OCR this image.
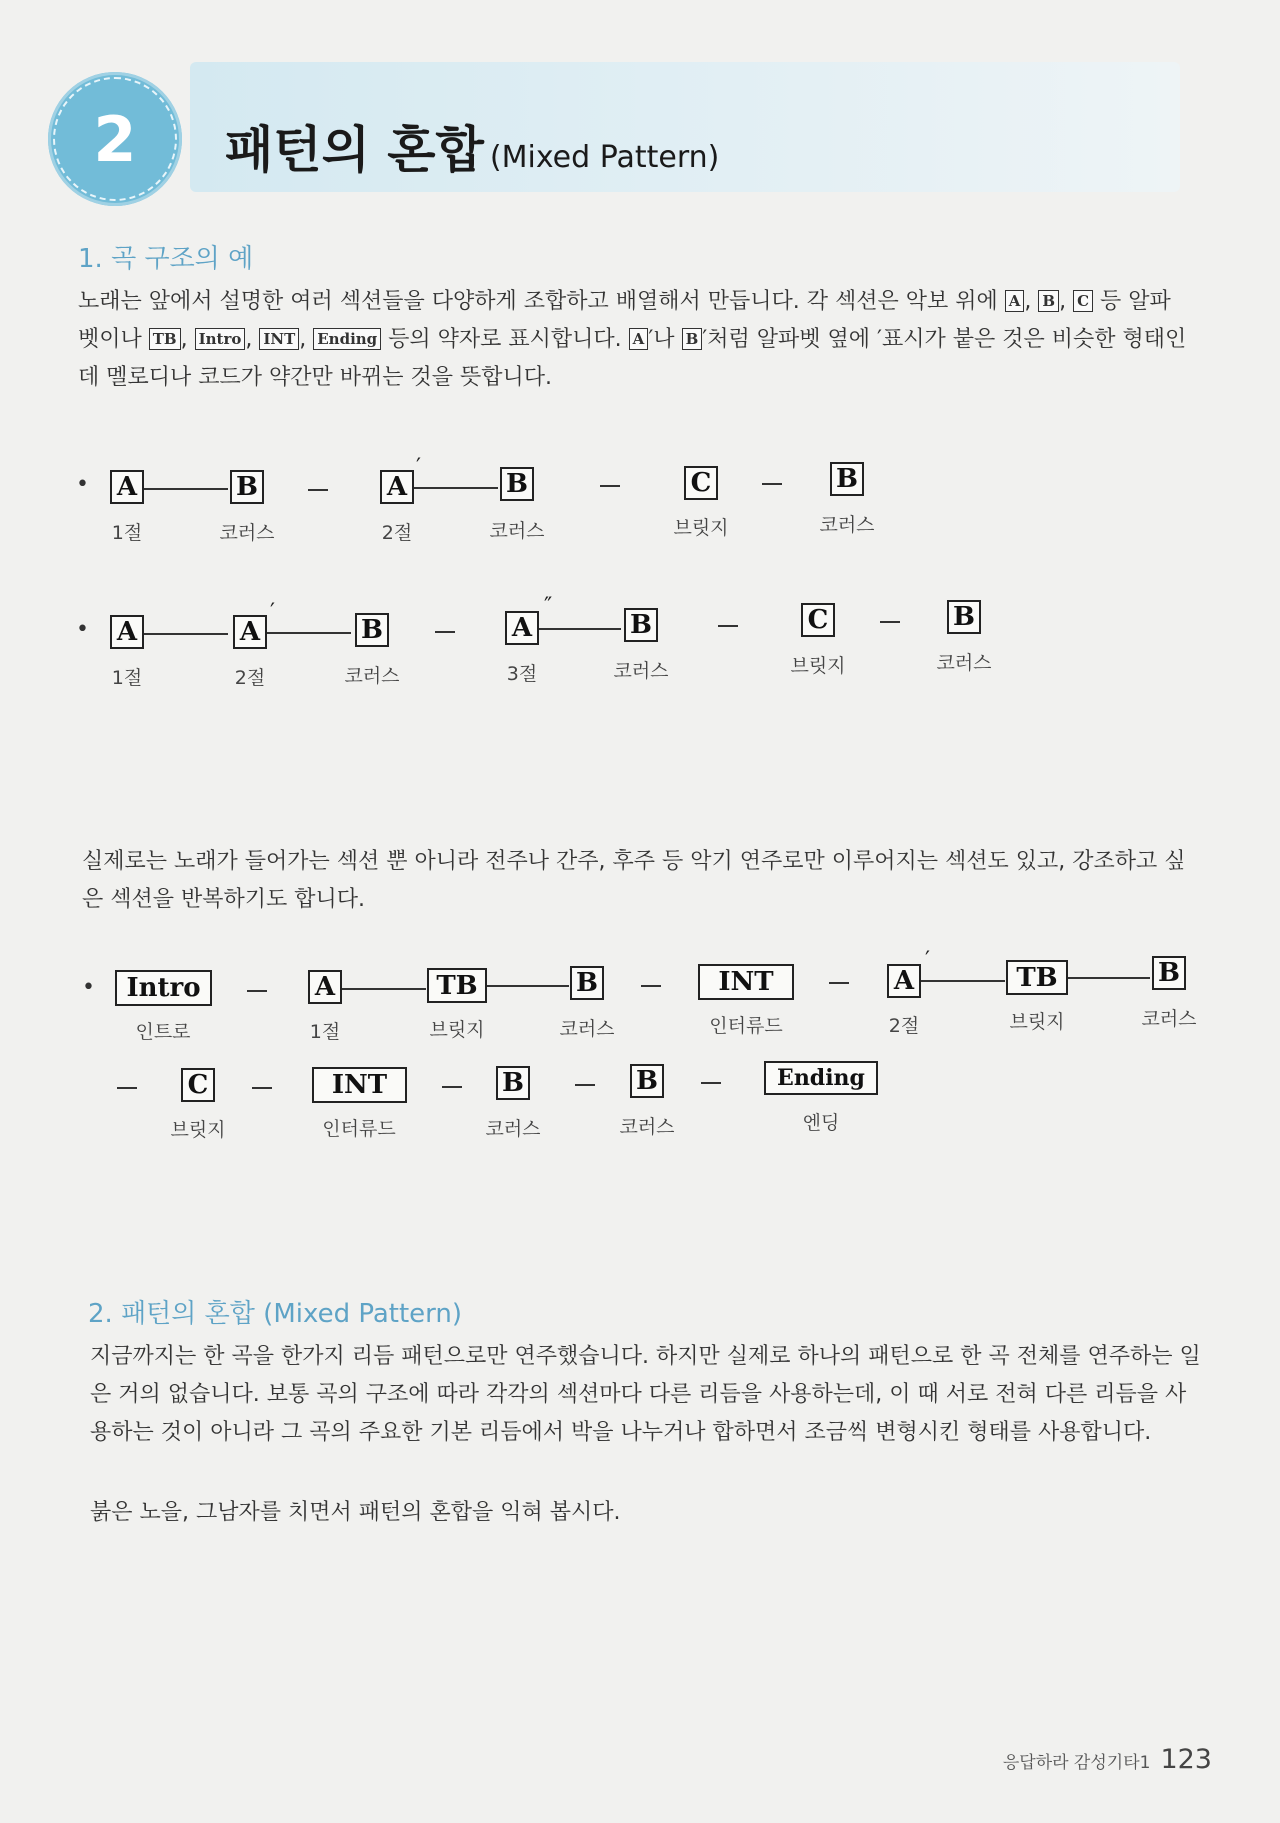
2	패턴의 혼합 (Mixed Pattern)
1. 곡 구조의 예

노래는 앞에서 설명한 여러 섹션들을 다양하게 조합하고 배열해서 만듭니다. 각 섹션은 악보 위에 A , B , C 등 알파벳이나 TB , Intro , INT , Ending 등의 약자로 표시합니다. A ′나 B ′처럼 알파벳 옆에 ′표시가 붙은 것은 비슷한 형태인데 멜로디나 코드가 약간만 바뀌는 것을 뜻합니다.

• A	B	A
′
B	C	B
1절	코러스	2절	코러스	브릿지	코러스
• A	A
′
B	A
″
B	C	B
1절	2절	코러스	3절	코러스	브릿지	코러스

실제로는 노래가 들어가는 섹션 뿐 아니라 전주나 간주, 후주 등 악기 연주로만 이루어지는 섹션도 있고, 강조하고 싶은 섹션을 반복하기도 합니다.

•	Intro	A	TB	B	INT	A
′
TB	B
인트로	1절	브릿지	코러스	인터류드	2절	브릿지	코러스
C	INT	B	B	Ending
브릿지	인터류드	코러스	코러스	엔딩
2. 패턴의 혼합 (Mixed Pattern)

지금까지는 한 곡을 한가지 리듬 패턴으로만 연주했습니다. 하지만 실제로 하나의 패턴으로 한 곡 전체를 연주하는 일은 거의 없습니다. 보통 곡의 구조에 따라 각각의 섹션마다 다른 리듬을 사용하는데, 이 때 서로 전혀 다른 리듬을 사용하는 것이 아니라 그 곡의 주요한 기본 리듬에서 박을 나누거나 합하면서 조금씩 변형시킨 형태를 사용합니다.

붉은 노을, 그남자를 치면서 패턴의 혼합을 익혀 봅시다.

응답하라 감성기타1 123
